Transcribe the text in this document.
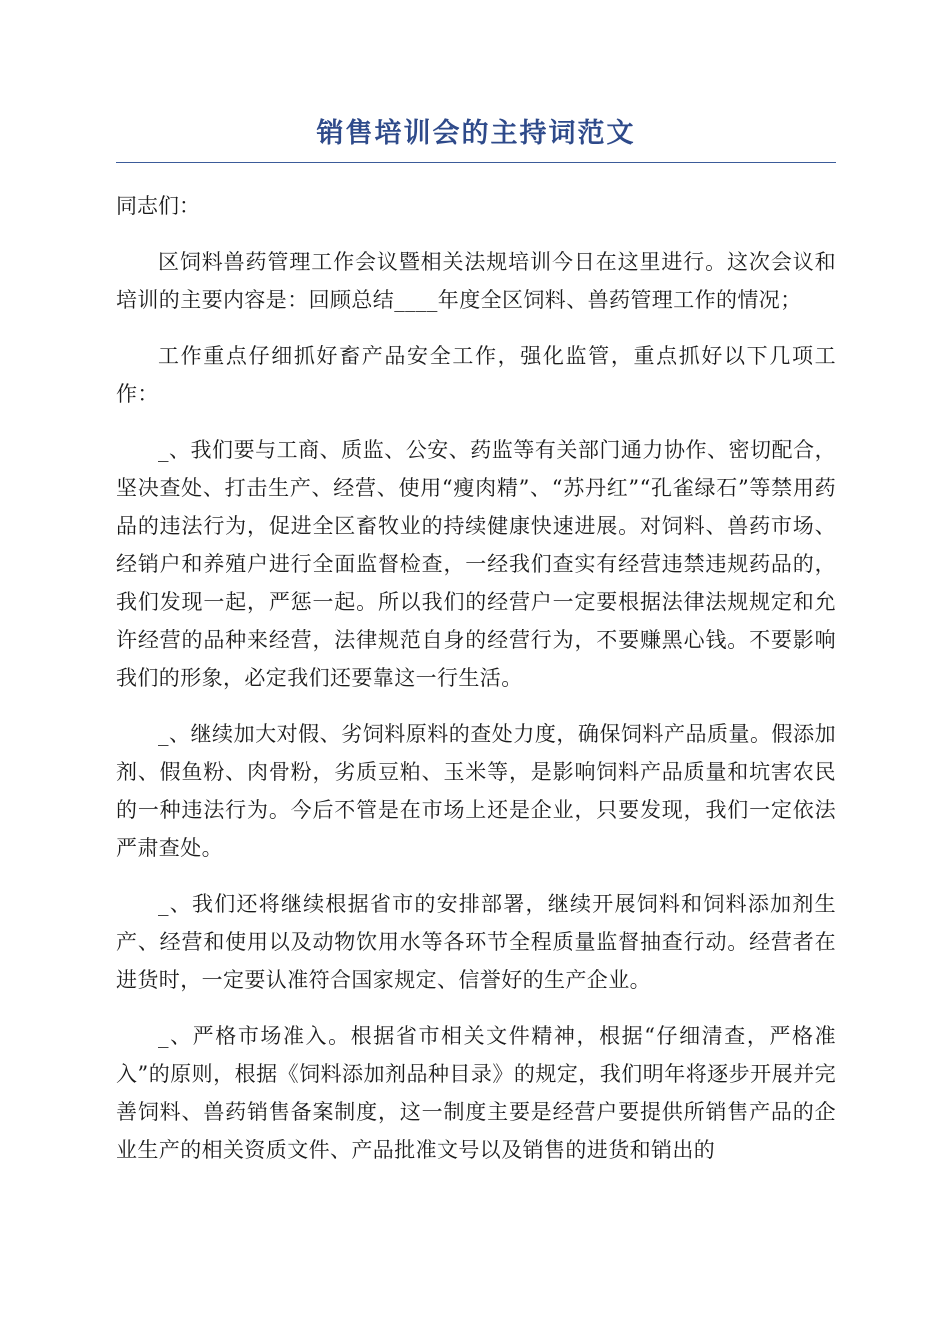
销售培训会的主持词范文

同志们：

区饲料兽药管理工作会议暨相关法规培训今日在这里进行。这次会议和培训的主要内容是：回顾总结____年度全区饲料、兽药管理工作的情况；

工作重点仔细抓好畜产品安全工作，强化监管，重点抓好以下几项工作：

_、我们要与工商、质监、公安、药监等有关部门通力协作、密切配合，坚决查处、打击生产、经营、使用“瘦肉精”、“苏丹红”“孔雀绿石”等禁用药品的违法行为，促进全区畜牧业的持续健康快速进展。对饲料、兽药市场、经销户和养殖户进行全面监督检查，一经我们查实有经营违禁违规药品的，我们发现一起，严惩一起。所以我们的经营户一定要根据法律法规规定和允许经营的品种来经营，法律规范自身的经营行为，不要赚黑心钱。不要影响我们的形象，必定我们还要靠这一行生活。

_、继续加大对假、劣饲料原料的查处力度，确保饲料产品质量。假添加剂、假鱼粉、肉骨粉，劣质豆粕、玉米等，是影响饲料产品质量和坑害农民的一种违法行为。今后不管是在市场上还是企业，只要发现，我们一定依法严肃查处。

_、我们还将继续根据省市的安排部署，继续开展饲料和饲料添加剂生产、经营和使用以及动物饮用水等各环节全程质量监督抽查行动。经营者在进货时，一定要认准符合国家规定、信誉好的生产企业。

_、严格市场准入。根据省市相关文件精神，根据“仔细清查，严格准入”的原则，根据《饲料添加剂品种目录》的规定，我们明年将逐步开展并完善饲料、兽药销售备案制度，这一制度主要是经营户要提供所销售产品的企业生产的相关资质文件、产品批准文号以及销售的进货和销出的
